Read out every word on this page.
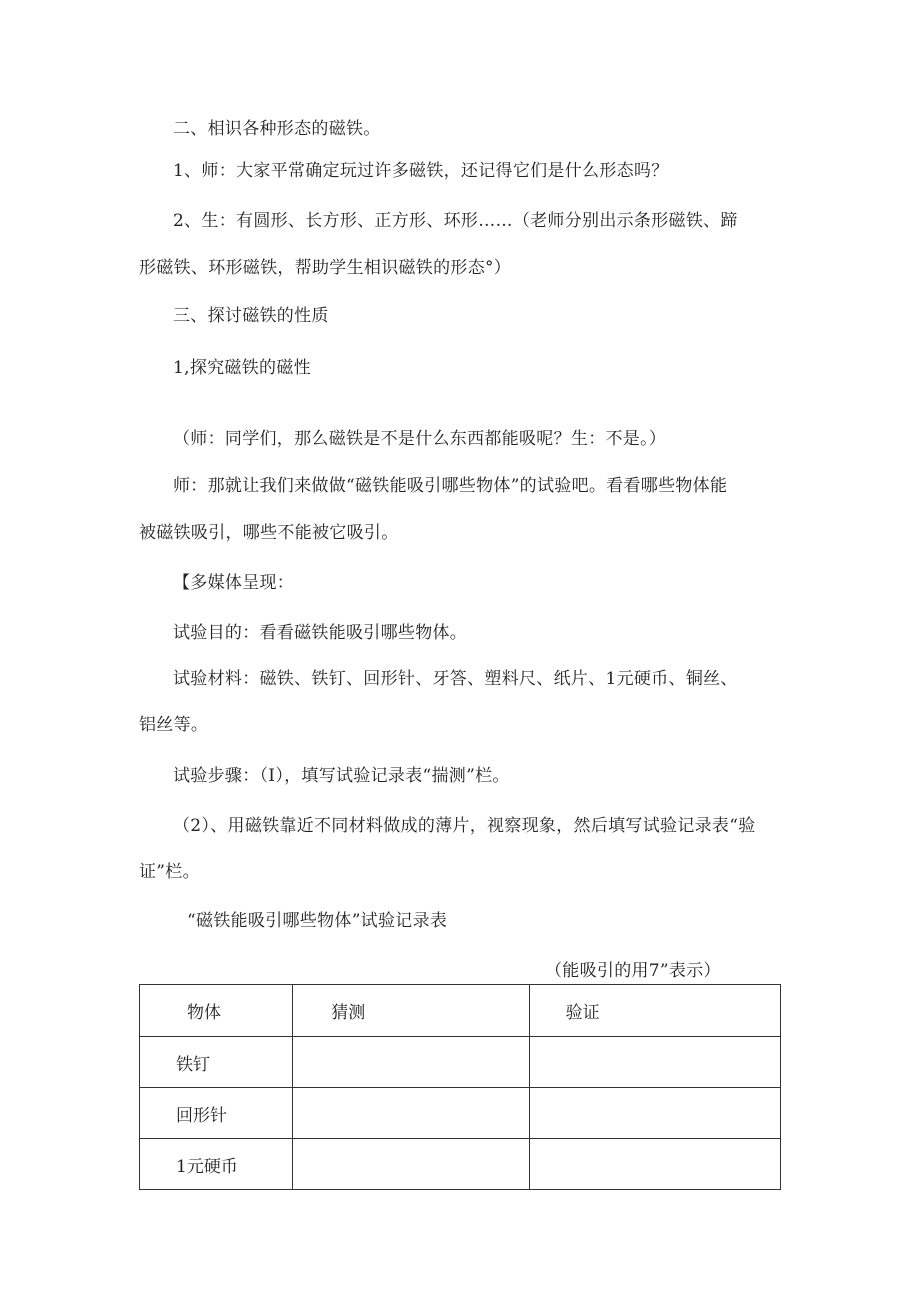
二、相识各种形态的磁铁。
1、师：大家平常确定玩过许多磁铁，还记得它们是什么形态吗？
2、生：有圆形、长方形、正方形、环形……（老师分别出示条形磁铁、蹄
形磁铁、环形磁铁，帮助学生相识磁铁的形态°）
三、探讨磁铁的性质
1,探究磁铁的磁性
（师：同学们，那么磁铁是不是什么东西都能吸呢？生：不是。）
师：那就让我们来做做“磁铁能吸引哪些物体”的试验吧。看看哪些物体能
被磁铁吸引，哪些不能被它吸引。
【多媒体呈现：
试验目的：看看磁铁能吸引哪些物体。
试验材料：磁铁、铁钉、回形针、牙答、塑料尺、纸片、1元硬币、铜丝、
铝丝等。
试验步骤：（I），填写试验记录表“揣测”栏。
（2）、用磁铁靠近不同材料做成的薄片，视察现象，然后填写试验记录表“验
证”栏。
“磁铁能吸引哪些物体”试验记录表
（能吸引的用7”表示）
物体	猜测	验证
铁钉		
回形针		
1元硬币		
